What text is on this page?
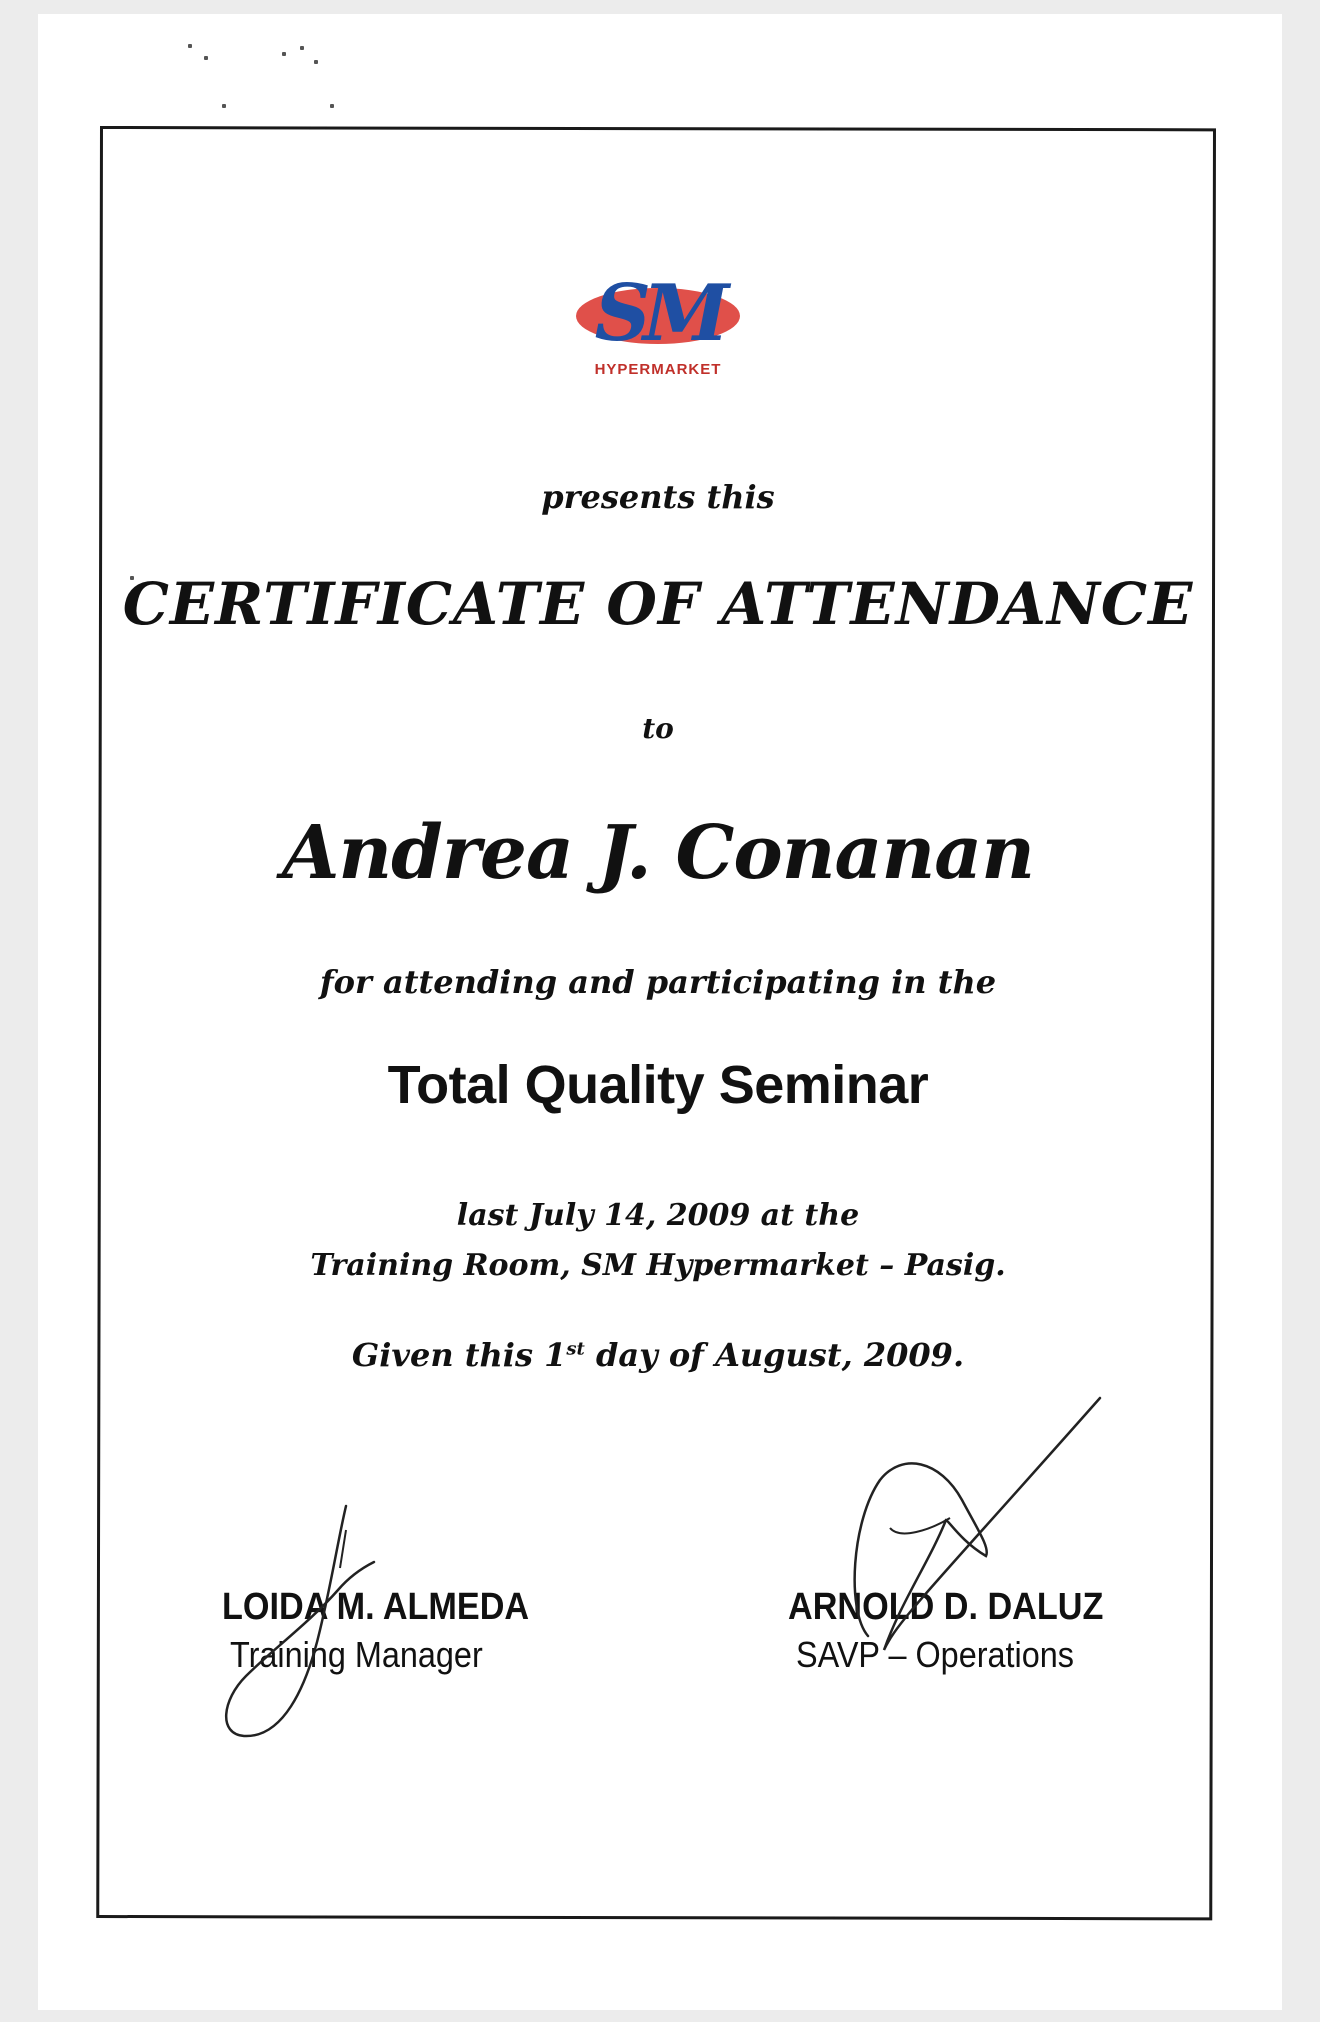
SM
HYPERMARKET
presents this
CERTIFICATE OF ATTENDANCE
to
Andrea J. Conanan
for attending and participating in the
Total Quality Seminar
last July 14, 2009 at the
Training Room, SM Hypermarket – Pasig.
Given this 1st day of August, 2009.
LOIDA M. ALMEDA
Training Manager
ARNOLD D. DALUZ
SAVP – Operations
